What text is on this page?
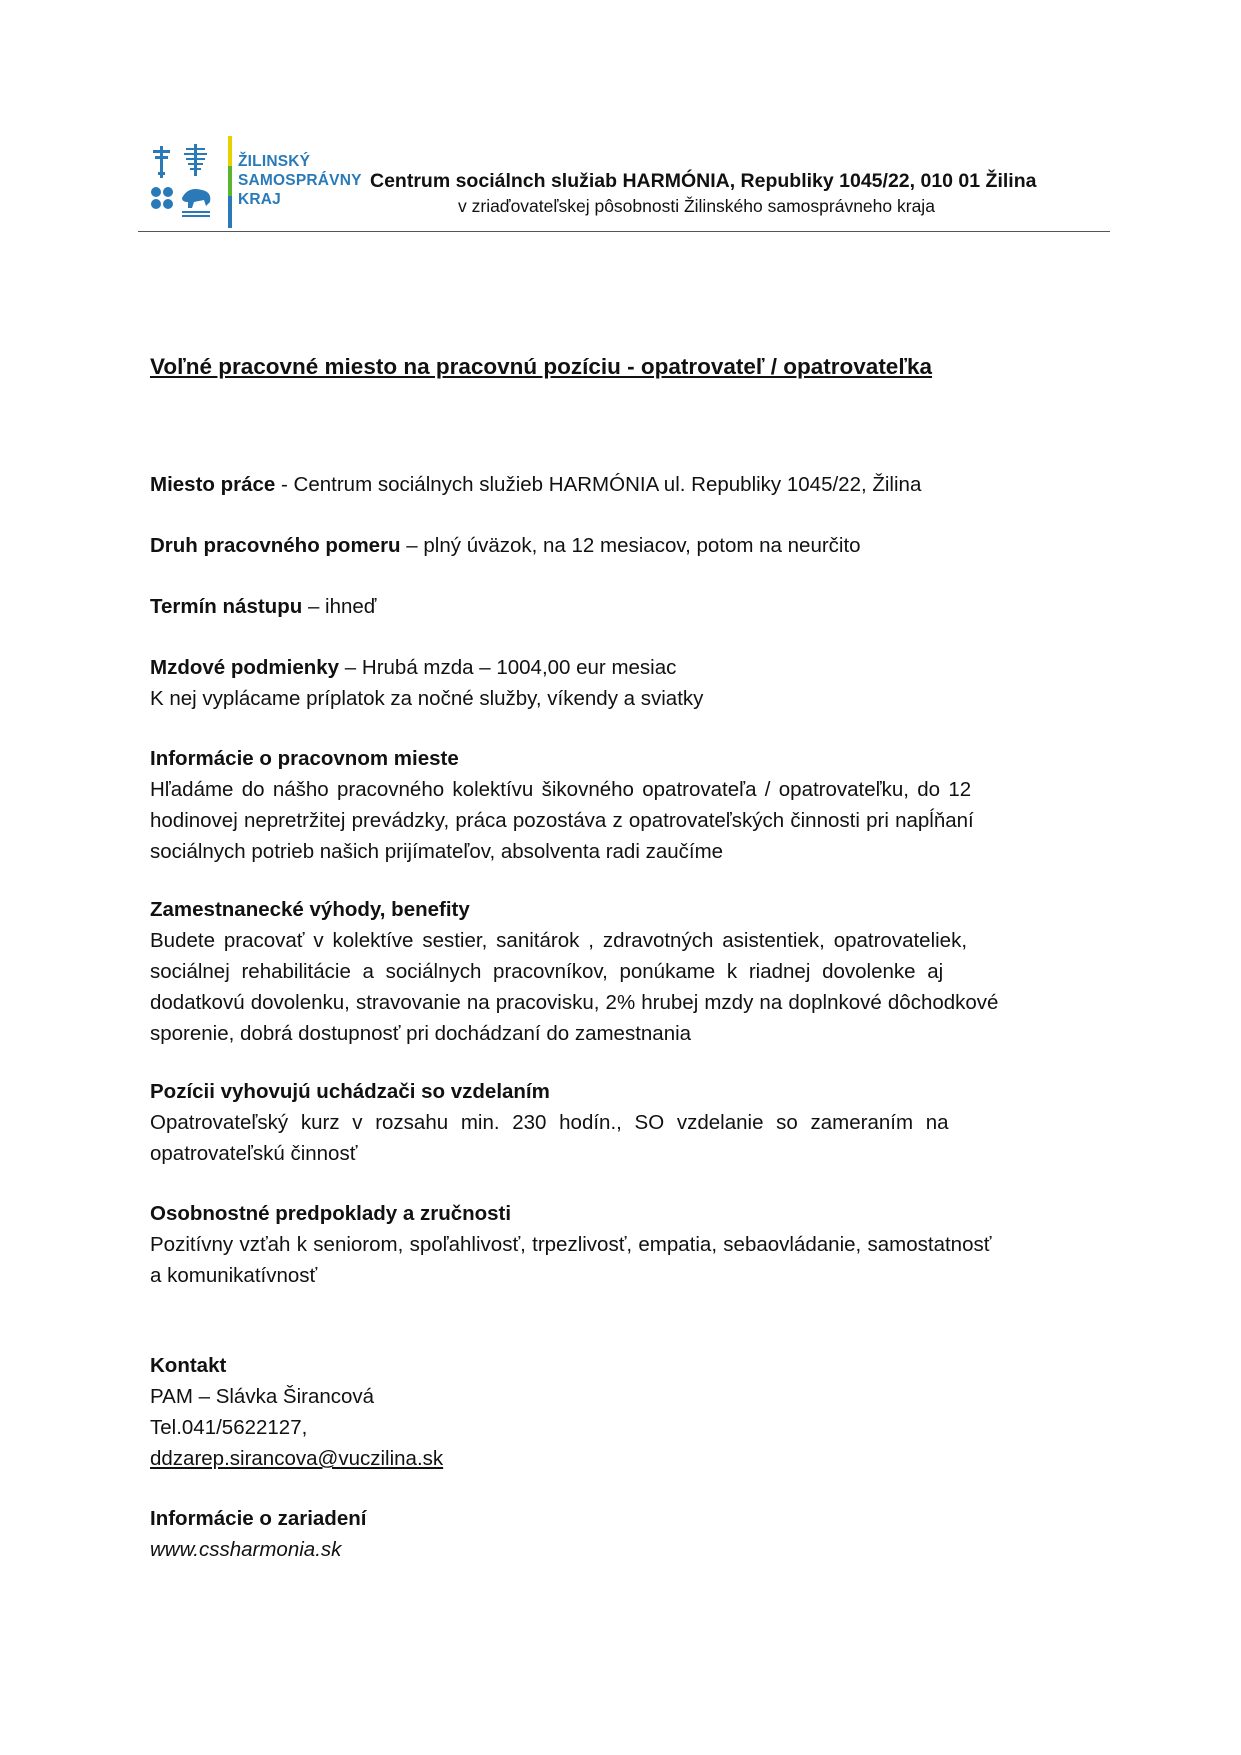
ŽILINSKÝ
SAMOSPRÁVNY
KRAJ
Centrum sociálnch služiab HARMÓNIA, Republiky 1045/22, 010 01 Žilina
v zriaďovateľskej pôsobnosti Žilinského samosprávneho kraja
Voľné pracovné miesto na pracovnú pozíciu - opatrovateľ / opatrovateľka
Miesto práce - Centrum sociálnych služieb HARMÓNIA ul. Republiky 1045/22, Žilina
Druh pracovného pomeru – plný úväzok, na 12 mesiacov, potom na neurčito
Termín nástupu – ihneď
Mzdové podmienky – Hrubá mzda – 1004,00 eur mesiac
K nej vyplácame príplatok za nočné služby, víkendy a sviatky
Informácie o pracovnom mieste
Hľadáme do nášho pracovného kolektívu šikovného opatrovateľa / opatrovateľku, do 12
hodinovej nepretržitej prevádzky, práca pozostáva z opatrovateľských činnosti pri napĺňaní
sociálnych potrieb našich prijímateľov, absolventa radi zaučíme
Zamestnanecké výhody, benefity
Budete pracovať v kolektíve sestier, sanitárok , zdravotných asistentiek, opatrovateliek,
sociálnej rehabilitácie a sociálnych pracovníkov, ponúkame k riadnej dovolenke aj
dodatkovú dovolenku, stravovanie na pracovisku, 2% hrubej mzdy na doplnkové dôchodkové
sporenie, dobrá dostupnosť pri dochádzaní do zamestnania
Pozícii vyhovujú uchádzači so vzdelaním
Opatrovateľský kurz v rozsahu min. 230 hodín., SO vzdelanie so zameraním na
opatrovateľskú činnosť
Osobnostné predpoklady a zručnosti
Pozitívny vzťah k seniorom, spoľahlivosť, trpezlivosť, empatia, sebaovládanie, samostatnosť
a komunikatívnosť
Kontakt
PAM – Slávka Širancová
Tel.041/5622127,
ddzarep.sirancova@vuczilina.sk
Informácie o zariadení
www.cssharmonia.sk
